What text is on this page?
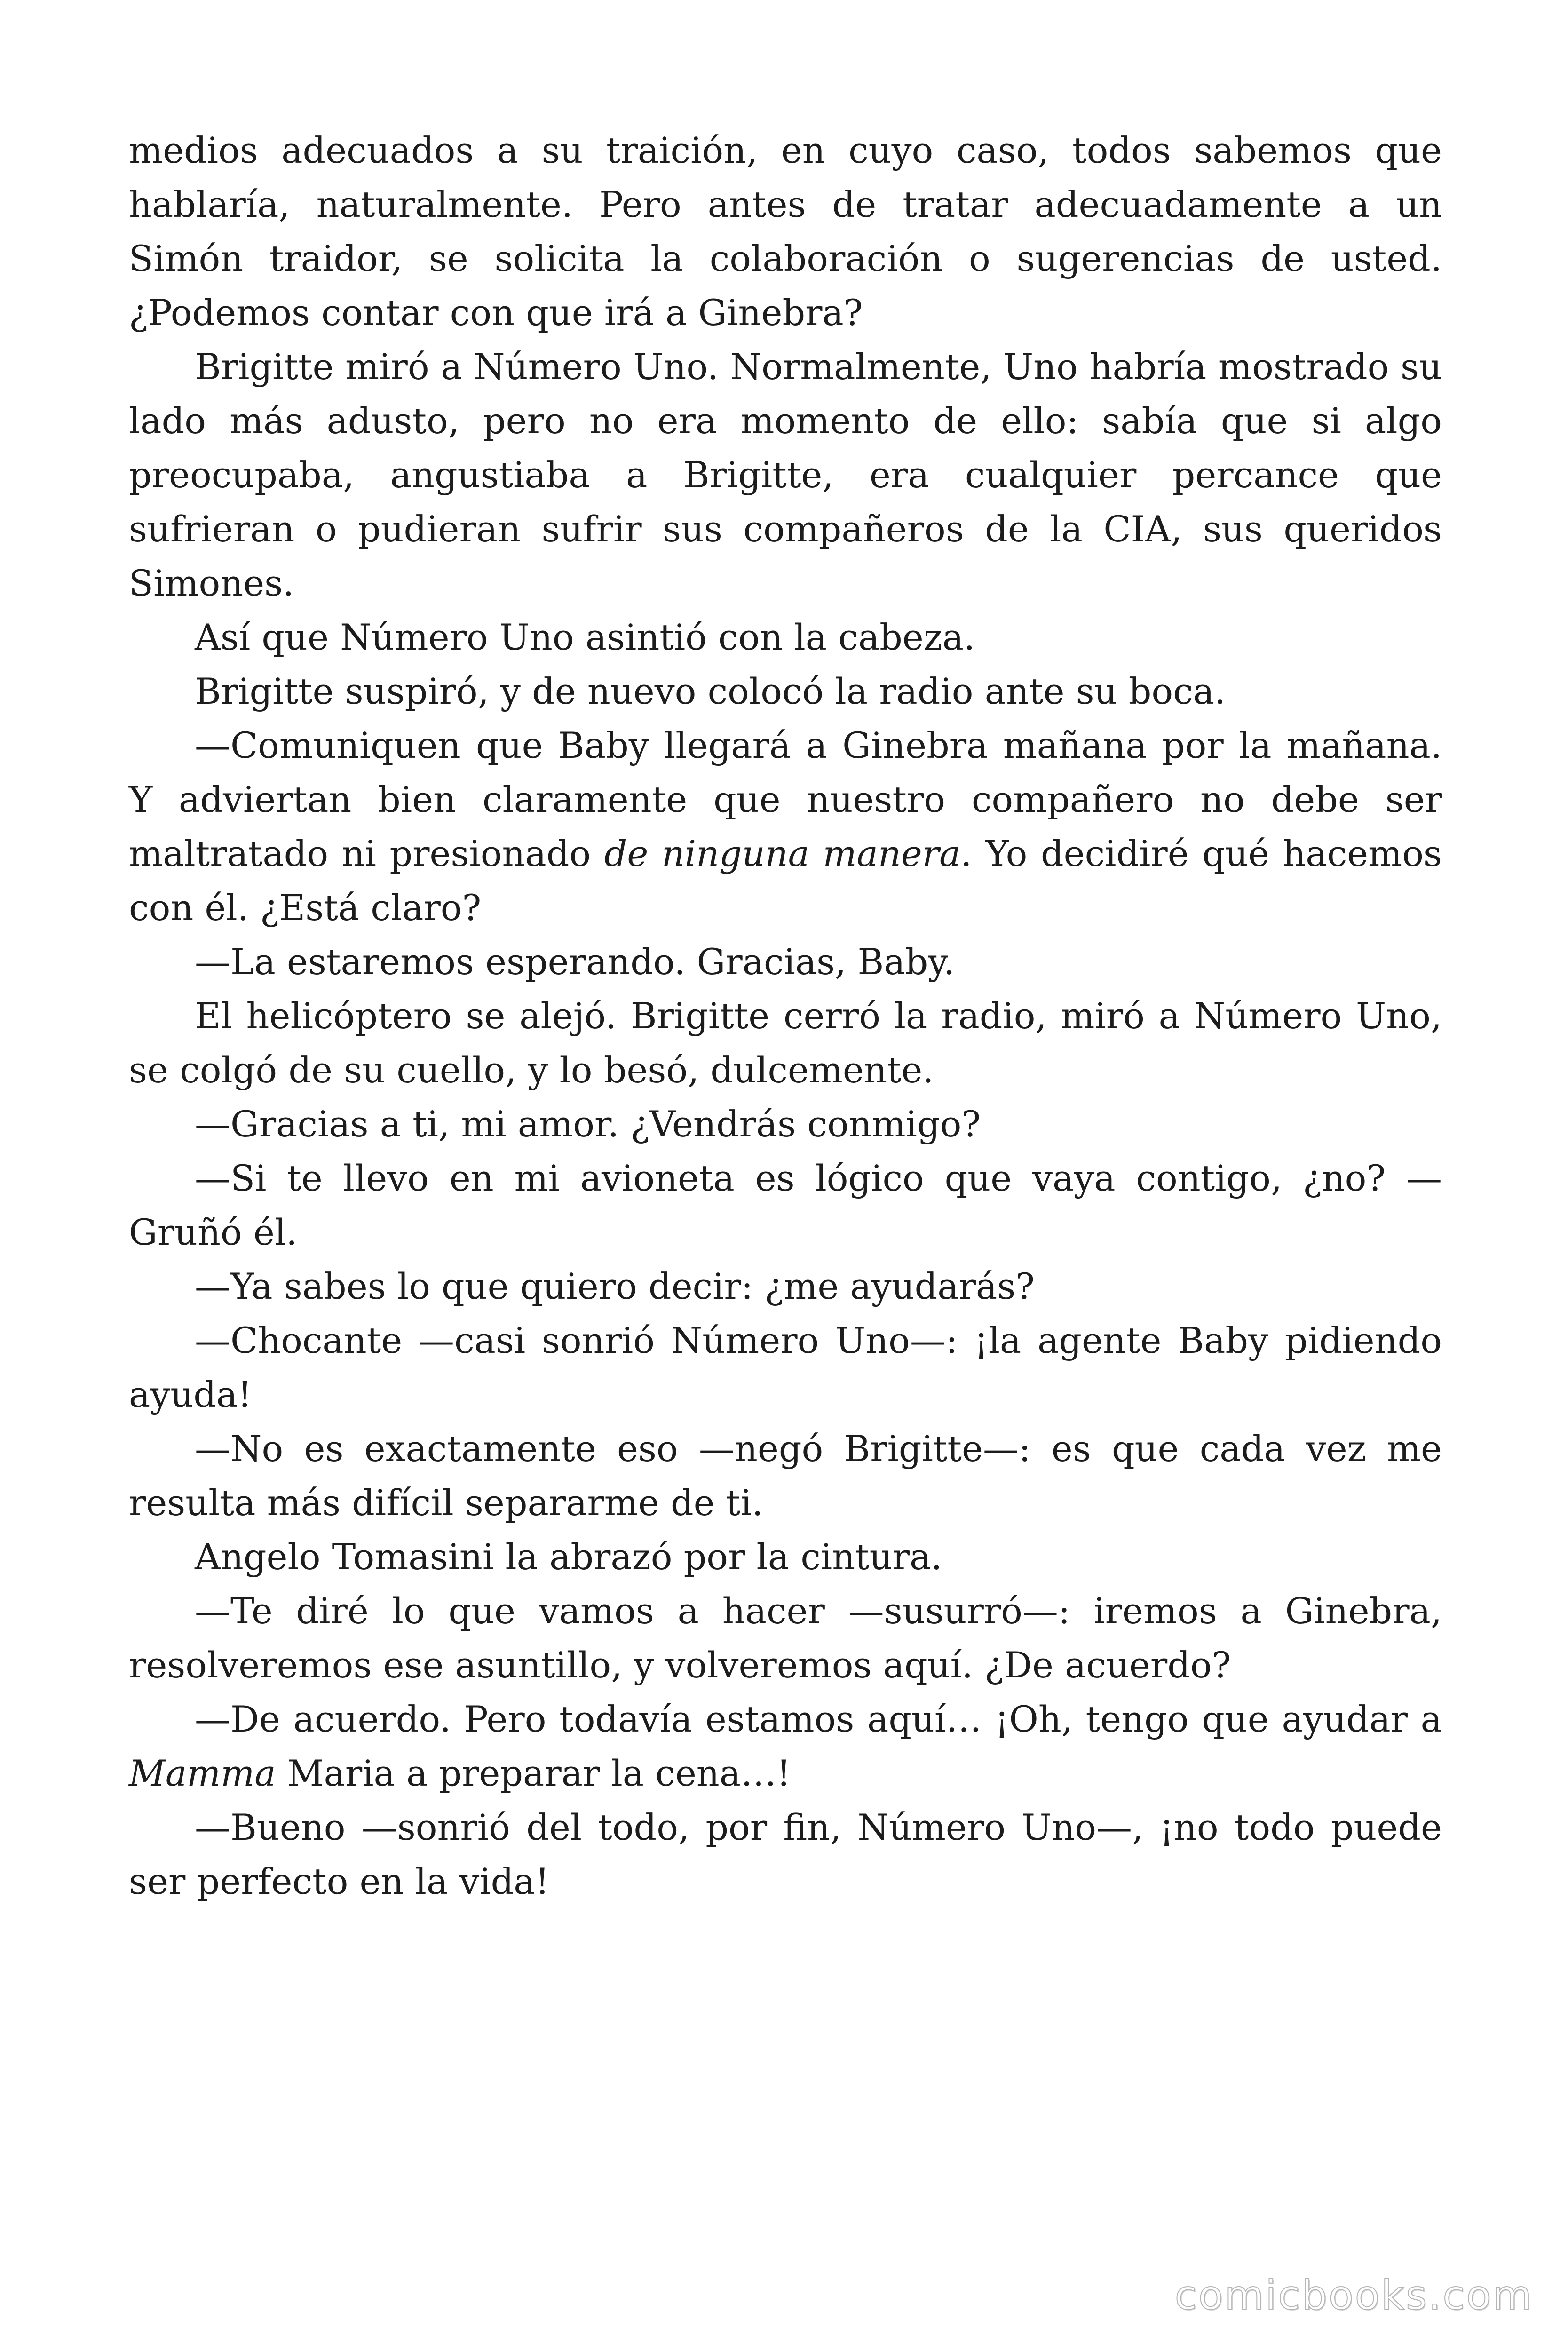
medios adecuados a su traición, en cuyo caso, todos sabemos que hablaría, naturalmente. Pero antes de tratar adecuadamente a un Simón traidor, se solicita la colaboración o sugerencias de usted. ¿Podemos contar con que irá a Ginebra?

Brigitte miró a Número Uno. Normalmente, Uno habría mostrado su lado más adusto, pero no era momento de ello: sabía que si algo preocupaba, angustiaba a Brigitte, era cualquier percance que sufrieran o pudieran sufrir sus compañeros de la CIA, sus queridos Simones.

Así que Número Uno asintió con la cabeza.

Brigitte suspiró, y de nuevo colocó la radio ante su boca.

—Comuniquen que Baby llegará a Ginebra mañana por la mañana. Y adviertan bien claramente que nuestro compañero no debe ser maltratado ni presionado de ninguna manera. Yo decidiré qué hacemos con él. ¿Está claro?

—La estaremos esperando. Gracias, Baby.

El helicóptero se alejó. Brigitte cerró la radio, miró a Número Uno, se colgó de su cuello, y lo besó, dulcemente.

—Gracias a ti, mi amor. ¿Vendrás conmigo?

—Si te llevo en mi avioneta es lógico que vaya contigo, ¿no? —Gruñó él.

—Ya sabes lo que quiero decir: ¿me ayudarás?

—Chocante —casi sonrió Número Uno—: ¡la agente Baby pidiendo ayuda!

—No es exactamente eso —negó Brigitte—: es que cada vez me resulta más difícil separarme de ti.

Angelo Tomasini la abrazó por la cintura.

—Te diré lo que vamos a hacer —susurró—: iremos a Ginebra, resolveremos ese asuntillo, y volveremos aquí. ¿De acuerdo?

—De acuerdo. Pero todavía estamos aquí… ¡Oh, tengo que ayudar a Mamma Maria a preparar la cena…!

—Bueno —sonrió del todo, por fin, Número Uno—, ¡no todo puede ser perfecto en la vida!

comicbooks.com
